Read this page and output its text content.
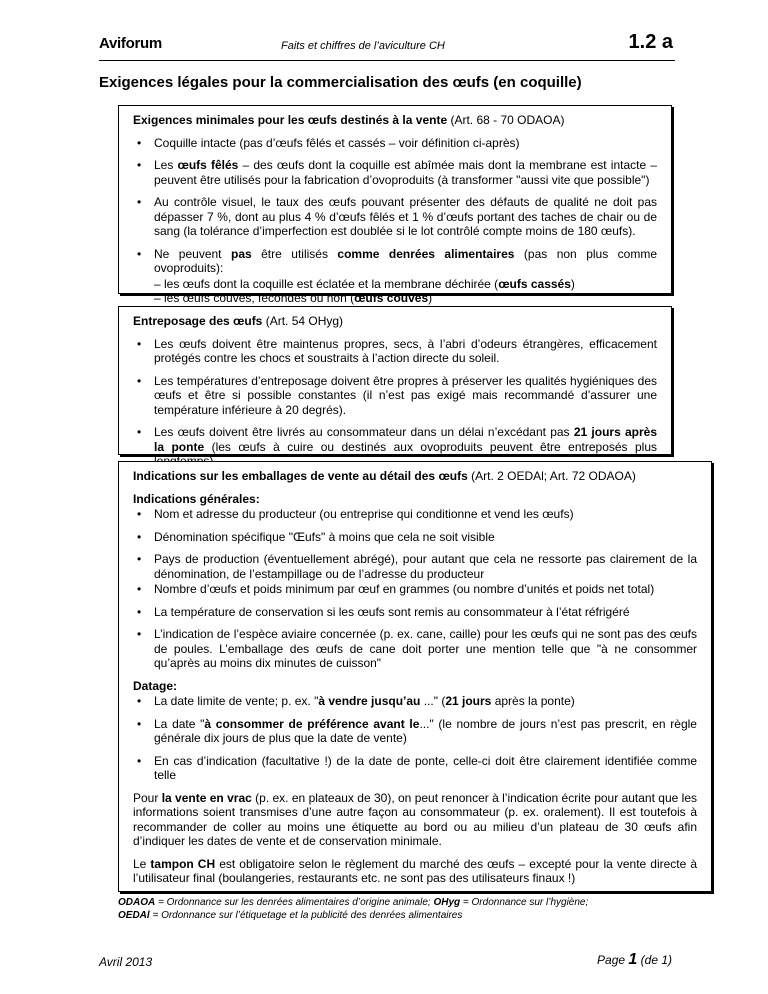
Aviforum	Faits et chiffres de l’aviculture CH	1.2 a
Exigences légales pour la commercialisation des œufs (en coquille)

Exigences minimales pour les œufs destinés à la vente (Art. 68 - 70 ODAOA)

• Coquille intacte (pas d’œufs fêlés et cassés – voir définition ci-après)
• Les œufs fêlés – des œufs dont la coquille est abîmée mais dont la membrane est intacte – peuvent être utilisés pour la fabrication d’ovoproduits (à transformer "aussi vite que possible")
• Au contrôle visuel, le taux des œufs pouvant présenter des défauts de qualité ne doit pas dépasser 7 %, dont au plus 4 % d’œufs fêlés et 1 % d’œufs portant des taches de chair ou de sang (la tolérance d’imperfection est doublée si le lot contrôlé compte moins de 180 œufs).
• Ne peuvent pas être utilisés comme denrées alimentaires (pas non plus comme ovoproduits):
– les œufs dont la coquille est éclatée et la membrane déchirée (œufs cassés)
– les œufs couvés, fécondés ou non (œufs couvés)

Entreposage des œufs (Art. 54 OHyg)

• Les œufs doivent être maintenus propres, secs, à l’abri d’odeurs étrangères, efficacement protégés contre les chocs et soustraits à l’action directe du soleil.
• Les températures d’entreposage doivent être propres à préserver les qualités hygiéniques des œufs et être si possible constantes (il n’est pas exigé mais recommandé d’assurer une température inférieure à 20 degrés).
• Les œufs doivent être livrés au consommateur dans un délai n’excédant pas 21 jours après la ponte (les œufs à cuire ou destinés aux ovoproduits peuvent être entreposés plus

Indications sur les emballages de vente au détail des œufs (Art. 2 OEDAl; Art. 72 ODAOA)

Indications générales:
• Nom et adresse du producteur (ou entreprise qui conditionne et vend les œufs)
• Dénomination spécifique "Œufs" à moins que cela ne soit visible
• Pays de production (éventuellement abrégé), pour autant que cela ne ressorte pas clairement de la dénomination, de l’estampillage ou de l’adresse du producteur
• Nombre d’œufs et poids minimum par œuf en grammes (ou nombre d’unités et poids net total)
• La température de conservation si les œufs sont remis au consommateur à l’état réfrigéré
• L’indication de l’espèce aviaire concernée (p. ex. cane, caille) pour les œufs qui ne sont pas des œufs de poules. L’emballage des œufs de cane doit porter une mention telle que "à ne consommer qu’après au moins dix minutes de cuisson"
Datage:
• La date limite de vente; p. ex. "à vendre jusqu’au ..." (21 jours après la ponte)
• La date "à consommer de préférence avant le..." (le nombre de jours n’est pas prescrit, en règle générale dix jours de plus que la date de vente)
• En cas d’indication (facultative !) de la date de ponte, celle-ci doit être clairement identifiée comme telle

Pour la vente en vrac (p. ex. en plateaux de 30), on peut renoncer à l’indication écrite pour autant que les informations soient transmises d’une autre façon au consommateur (p. ex. oralement). Il est toutefois à recommander de coller au moins une étiquette au bord ou au milieu d’un plateau de 30 œufs afin d’indiquer les dates de vente et de conservation minimale.

Le tampon CH est obligatoire selon le règlement du marché des œufs – excepté pour la vente directe à l’utilisateur final (boulangeries, restaurants etc. ne sont pas des utilisateurs finaux !)

ODAOA = Ordonnance sur les denrées alimentaires d’origine animale; OHyg = Ordonnance sur l’hygiène;
OEDAl = Ordonnance sur l’étiquetage et la publicité des denrées alimentaires
Avril 2013	Page 1 (de 1)
